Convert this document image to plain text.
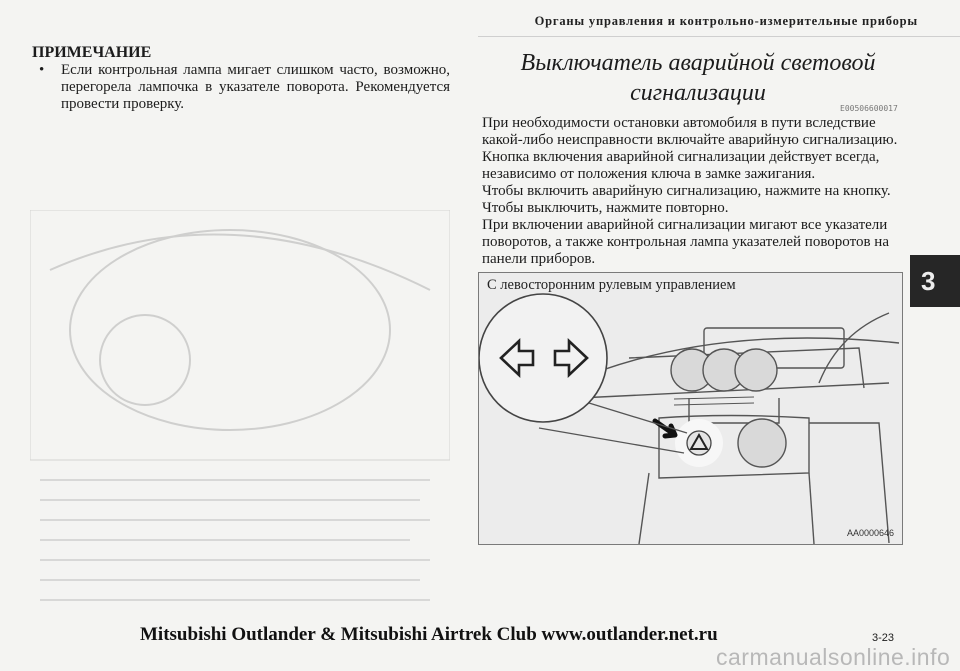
Органы управления и контрольно-измерительные приборы
ПРИМЕЧАНИЕ
• Если контрольная лампа мигает слишком часто, возможно, перегорела лампочка в указателе поворота. Рекомендуется провести проверку.

Выключатель аварийной световой сигнализации
E00506600017

При необходимости остановки автомобиля в пути вследствие какой-либо неисправности включайте аварийную сигнализацию.

Кнопка включения аварийной сигнализации действует всегда, независимо от положения ключа в замке зажигания.

Чтобы включить аварийную сигнализацию, нажмите на кнопку. Чтобы выключить, нажмите повторно.

При включении аварийной сигнализации мигают все указатели поворотов, а также контрольная лампа указателей поворотов на панели приборов.

С левосторонним рулевым управлением
AA0000646
3
Mitsubishi Outlander & Mitsubishi Airtrek Club www.outlander.net.ru	3-23
carmanualsonline.info
